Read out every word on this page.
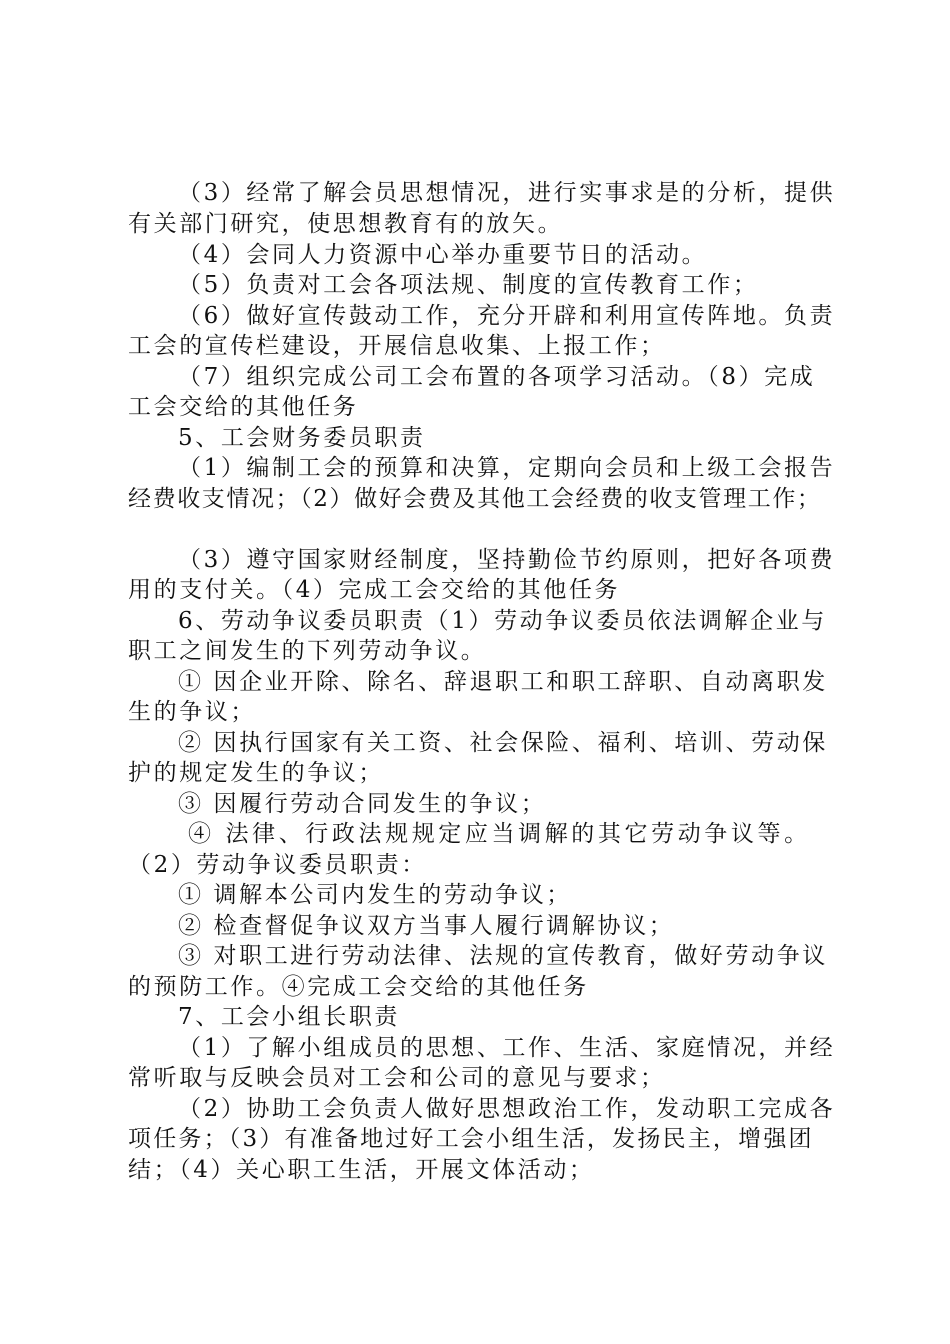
（3）经常了解会员思想情况，进行实事求是的分析，提供
有关部门研究，使思想教育有的放矢。
（4）会同人力资源中心举办重要节日的活动。
（5）负责对工会各项法规、制度的宣传教育工作；
（6）做好宣传鼓动工作，充分开辟和利用宣传阵地。负责
工会的宣传栏建设，开展信息收集、上报工作；
（7）组织完成公司工会布置的各项学习活动。（8）完成
工会交给的其他任务
5、工会财务委员职责
（1）编制工会的预算和决算，定期向会员和上级工会报告
经费收支情况；（2）做好会费及其他工会经费的收支管理工作；
（3）遵守国家财经制度，坚持勤俭节约原则，把好各项费
用的支付关。（4）完成工会交给的其他任务
6、劳动争议委员职责（1）劳动争议委员依法调解企业与
职工之间发生的下列劳动争议。
① 因企业开除、除名、辞退职工和职工辞职、自动离职发
生的争议；
② 因执行国家有关工资、社会保险、福利、培训、劳动保
护的规定发生的争议；
③ 因履行劳动合同发生的争议；
④ 法律、行政法规规定应当调解的其它劳动争议等。
（2）劳动争议委员职责：
① 调解本公司内发生的劳动争议；
② 检查督促争议双方当事人履行调解协议；
③ 对职工进行劳动法律、法规的宣传教育，做好劳动争议
的预防工作。④完成工会交给的其他任务
7、工会小组长职责
（1）了解小组成员的思想、工作、生活、家庭情况，并经
常听取与反映会员对工会和公司的意见与要求；
（2）协助工会负责人做好思想政治工作，发动职工完成各
项任务；（3）有准备地过好工会小组生活，发扬民主，增强团
结；（4）关心职工生活，开展文体活动；
